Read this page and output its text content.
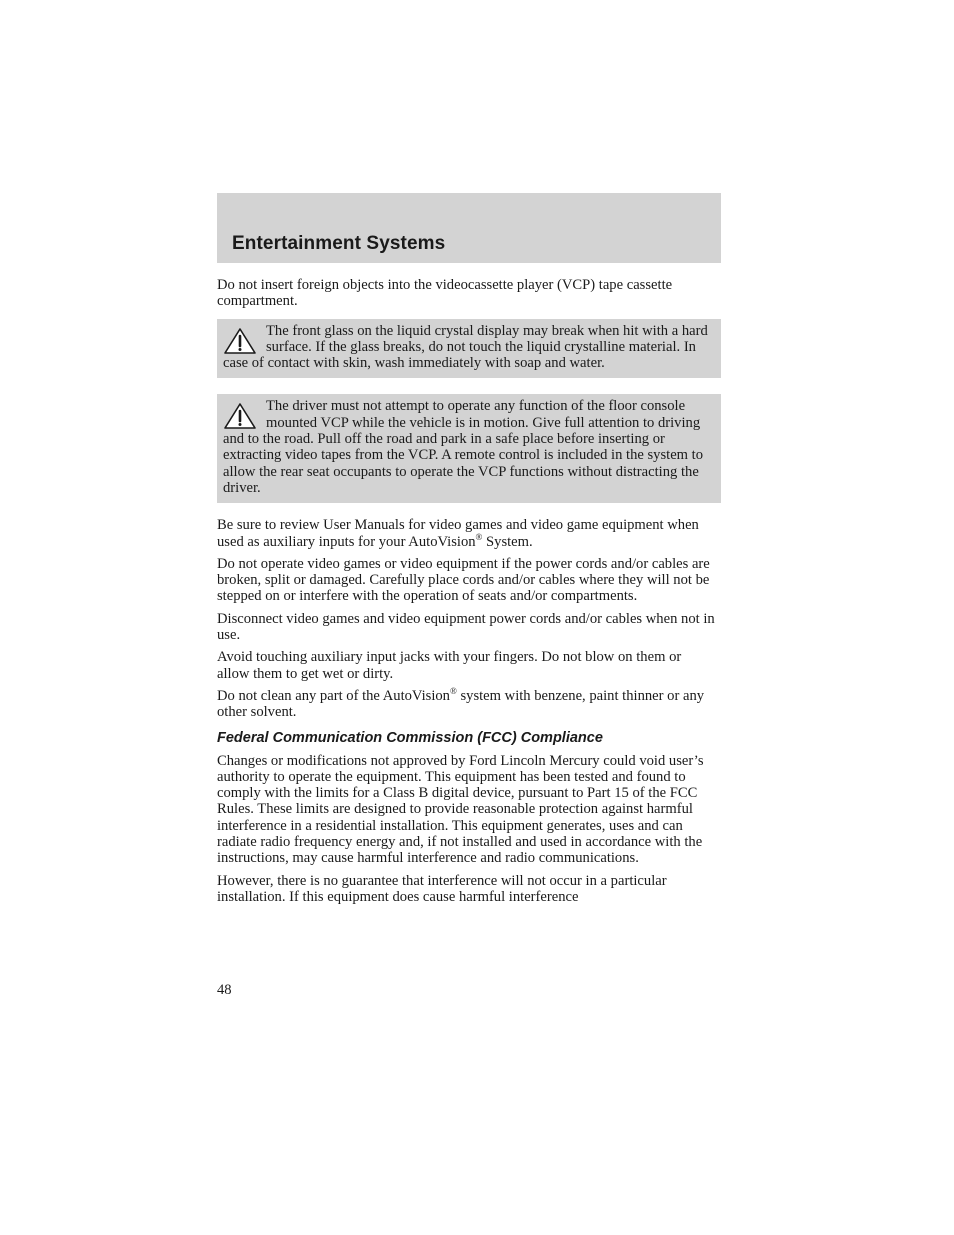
Entertainment Systems

Do not insert foreign objects into the videocassette player (VCP) tape cassette compartment.

The front glass on the liquid crystal display may break when hit with a hard surface. If the glass breaks, do not touch the liquid crystalline material. In case of contact with skin, wash immediately with soap and water.
The driver must not attempt to operate any function of the floor console mounted VCP while the vehicle is in motion. Give full attention to driving and to the road. Pull off the road and park in a safe place before inserting or extracting video tapes from the VCP. A remote control is included in the system to allow the rear seat occupants to operate the VCP functions without distracting the driver.

Be sure to review User Manuals for video games and video game equipment when used as auxiliary inputs for your AutoVision® System.

Do not operate video games or video equipment if the power cords and/or cables are broken, split or damaged. Carefully place cords and/or cables where they will not be stepped on or interfere with the operation of seats and/or compartments.

Disconnect video games and video equipment power cords and/or cables when not in use.

Avoid touching auxiliary input jacks with your fingers. Do not blow on them or allow them to get wet or dirty.

Do not clean any part of the AutoVision® system with benzene, paint thinner or any other solvent.

Federal Communication Commission (FCC) Compliance

Changes or modifications not approved by Ford Lincoln Mercury could void user’s authority to operate the equipment. This equipment has been tested and found to comply with the limits for a Class B digital device, pursuant to Part 15 of the FCC Rules. These limits are designed to provide reasonable protection against harmful interference in a residential installation. This equipment generates, uses and can radiate radio frequency energy and, if not installed and used in accordance with the instructions, may cause harmful interference and radio communications.

However, there is no guarantee that interference will not occur in a particular installation. If this equipment does cause harmful interference

48
